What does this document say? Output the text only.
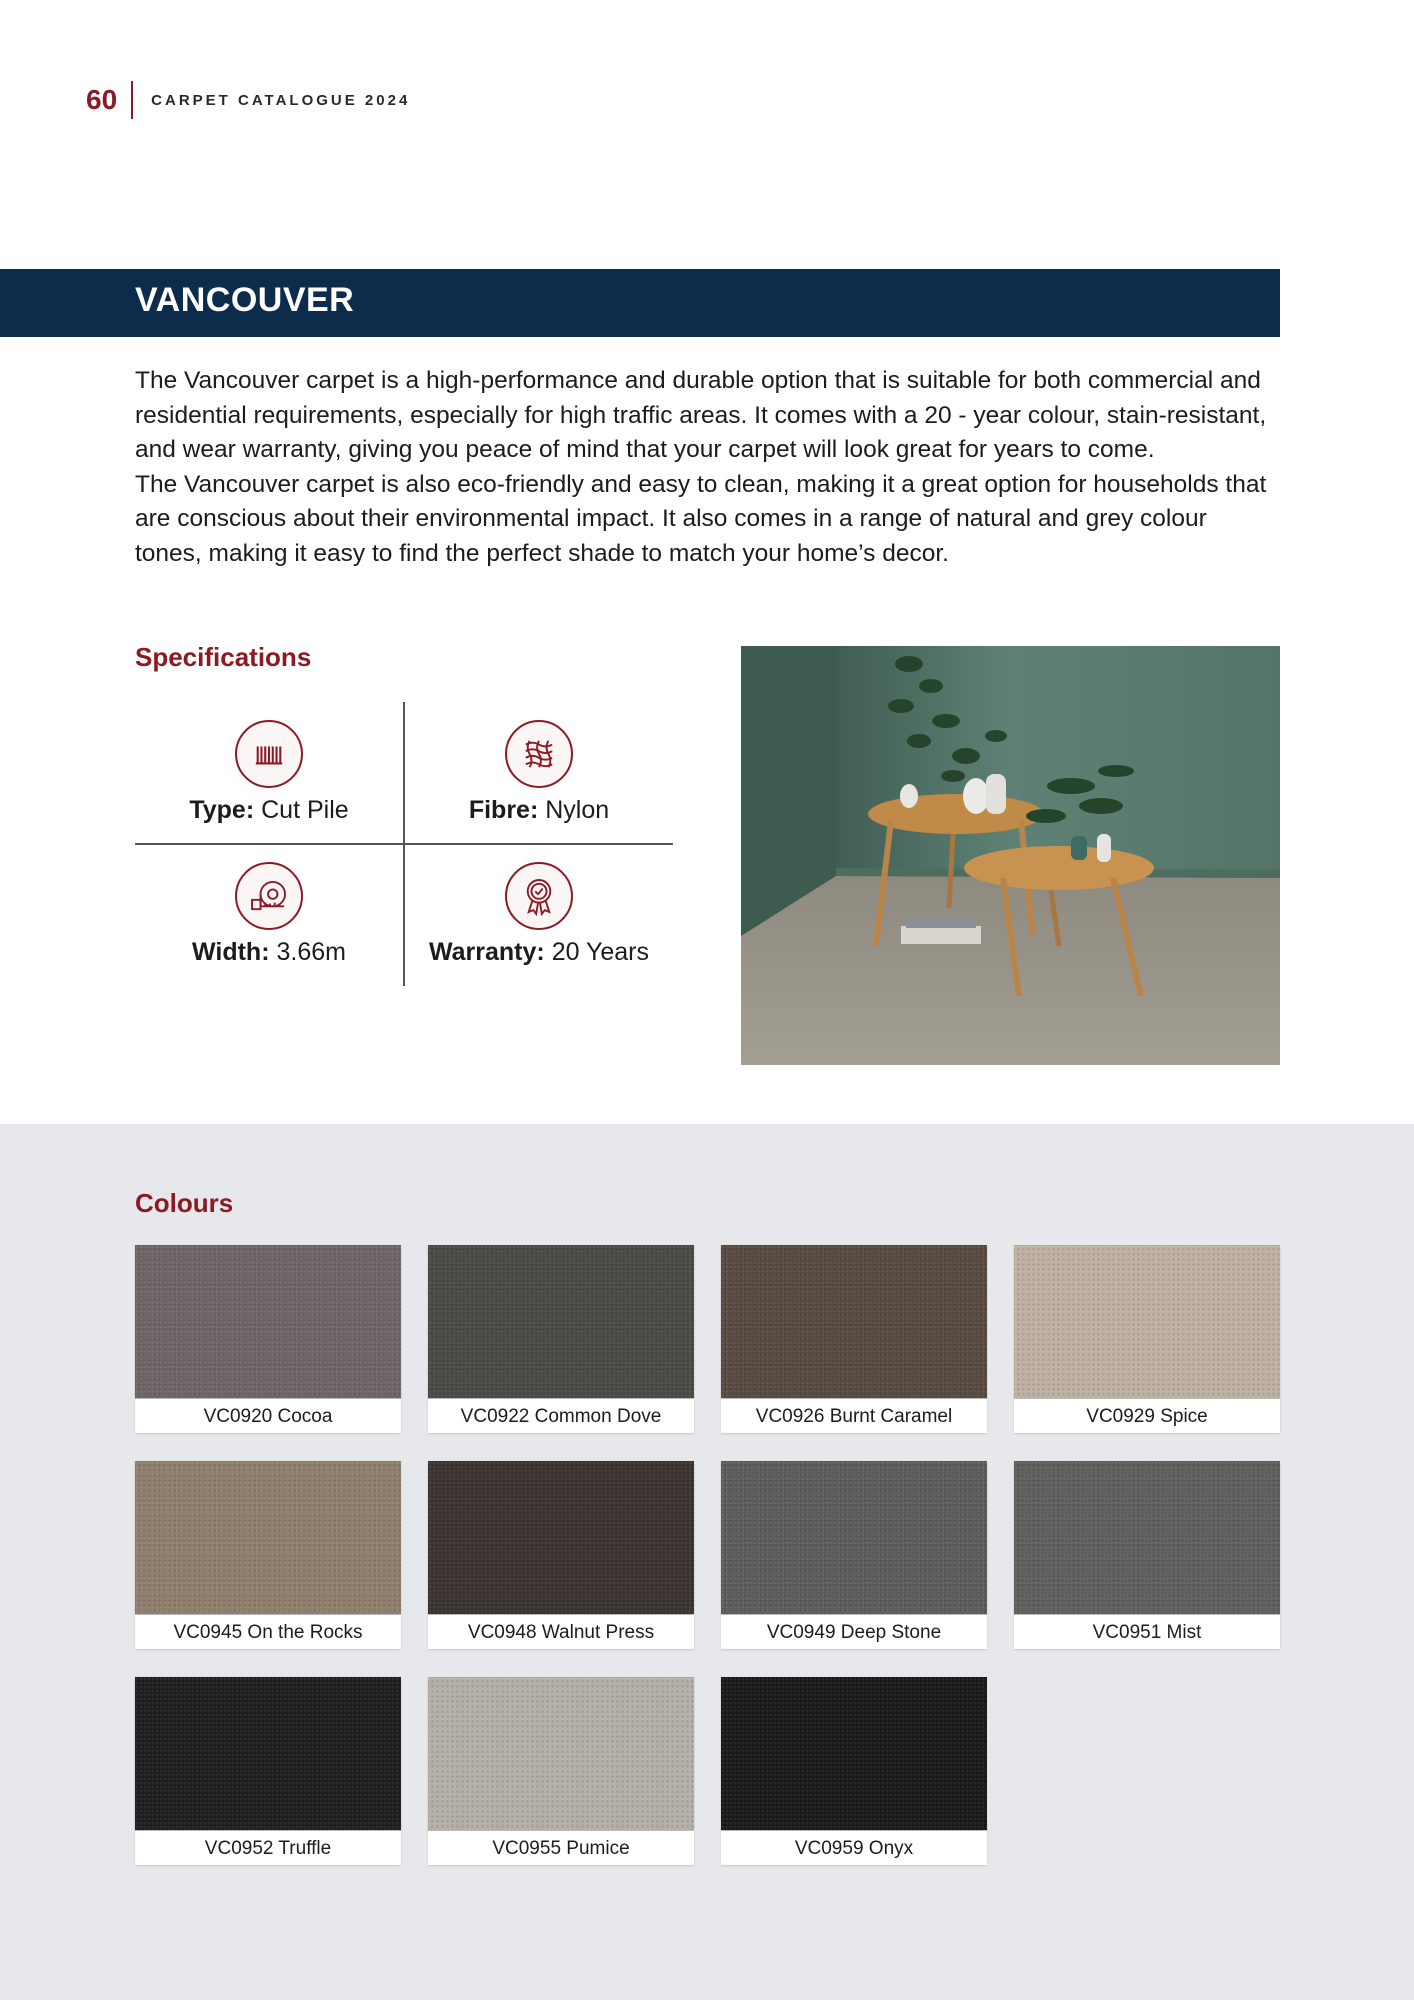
60 CARPET CATALOGUE 2024
VANCOUVER

The Vancouver carpet is a high-performance and durable option that is suitable for both commercial and residential requirements, especially for high traffic areas. It comes with a 20 - year colour, stain-resistant, and wear warranty, giving you peace of mind that your carpet will look great for years to come.

The Vancouver carpet is also eco-friendly and easy to clean, making it a great option for households that are conscious about their environmental impact. It also comes in a range of natural and grey colour tones, making it easy to find the perfect shade to match your home’s decor.

Specifications
Type: Cut Pile	Fibre: Nylon
Width: 3.66m	Warranty: 20 Years
Colours
VC0920 Cocoa	VC0922 Common Dove	VC0926 Burnt Caramel	VC0929 Spice
VC0945 On the Rocks	VC0948 Walnut Press	VC0949 Deep Stone	VC0951 Mist
VC0952 Truffle	VC0955 Pumice	VC0959 Onyx
